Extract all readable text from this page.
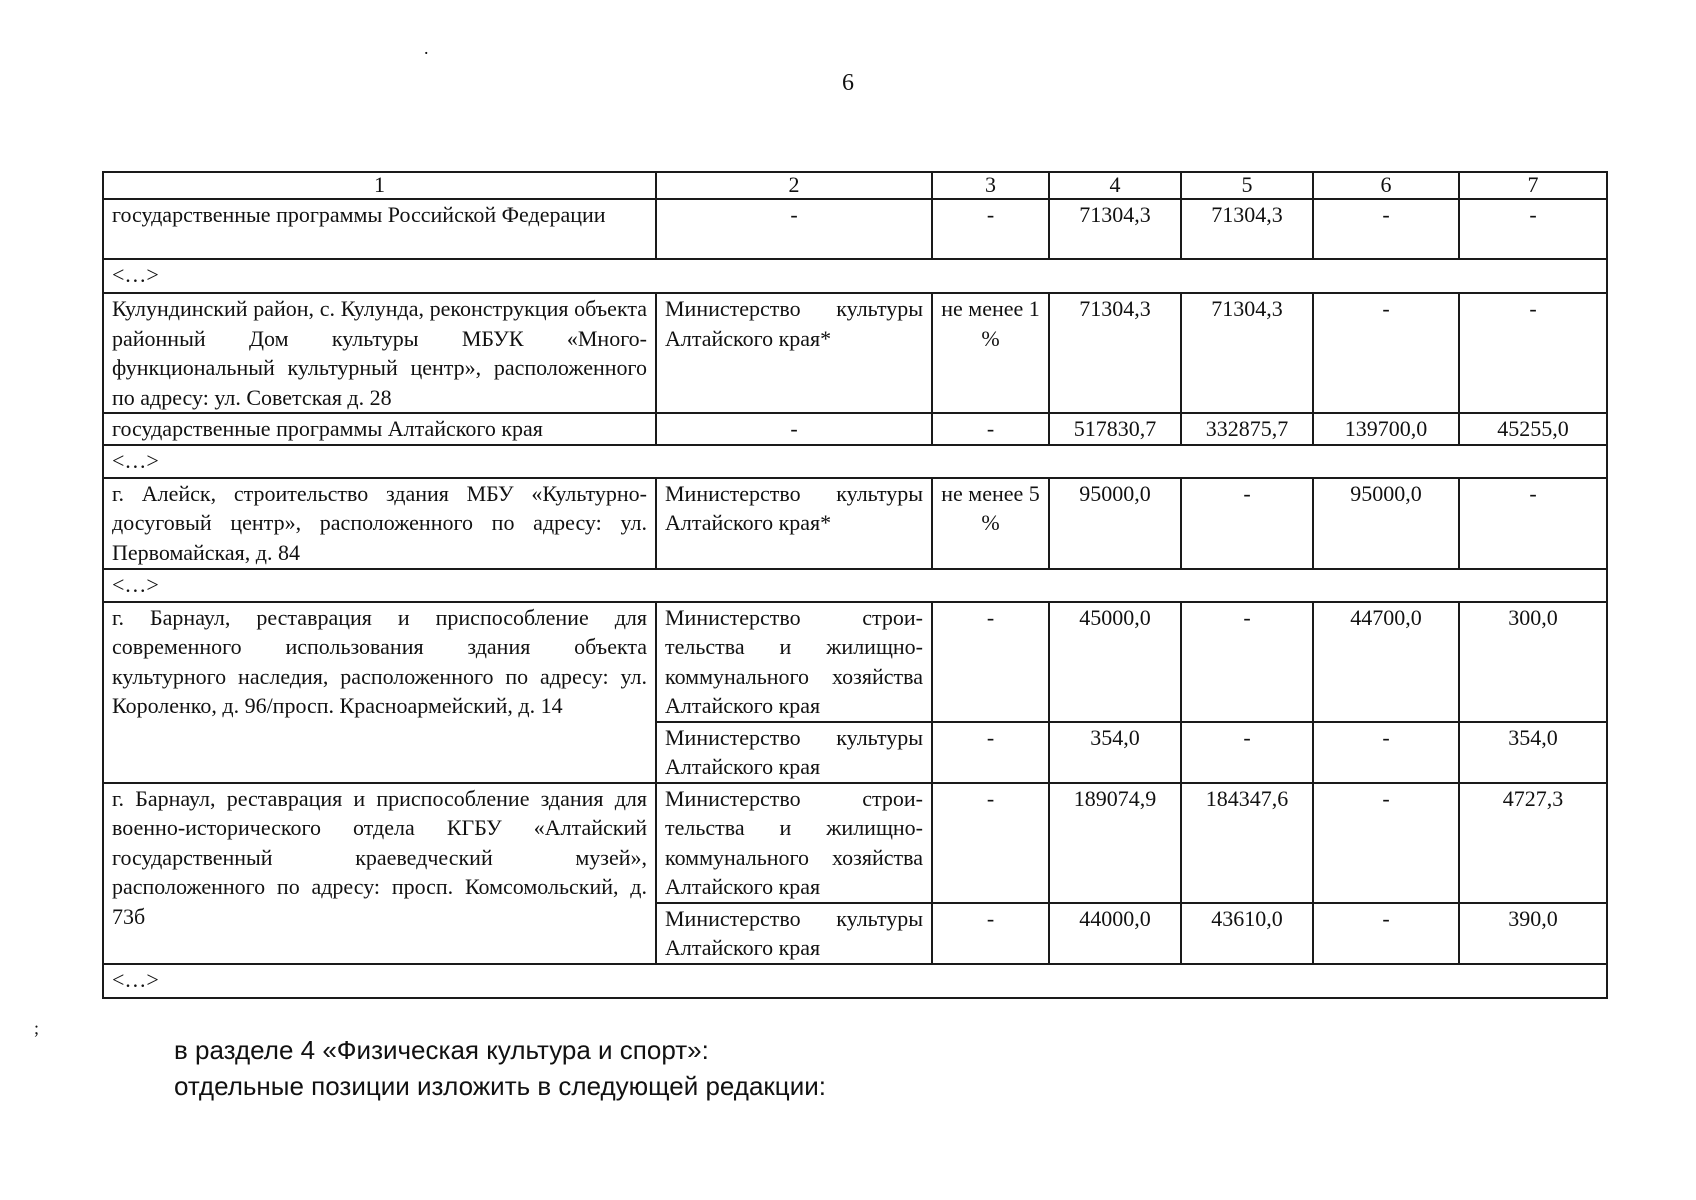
6
.
;
1	2	3	4	5	6	7
государственные программы Российской Федерации	-	-	71304,3	71304,3	-	-
<…>						
Кулундинский район, с. Кулунда, реконструкция объекта районный Дом культуры МБУК «Многофункциональный культурный центр», расположенного по адресу: ул. Советская д. 28	Министерство культуры Алтайского края*	не менее 1 %	71304,3	71304,3	-	-
государственные программы Алтайского края	-	-	517830,7	332875,7	139700,0	45255,0
<…>						
г. Алейск, строительство здания МБУ «Культурно-досуговый центр», расположенного по адресу: ул. Первомайская, д. 84	Министерство культуры Алтайского края*	не менее 5 %	95000,0	-	95000,0	-
<…>						
г. Барнаул, реставрация и приспособление для современного использования здания объекта культурного наследия, расположенного по адресу: ул. Короленко, д. 96/просп. Красноармейский, д. 14	Министерство строительства и жилищно-коммунального хозяйства Алтайского края	-	45000,0	-	44700,0	300,0
	Министерство культуры Алтайского края	-	354,0	-	-	354,0
г. Барнаул, реставрация и приспособление здания для военно-исторического отдела КГБУ «Алтайский государственный краеведческий музей», расположенного по адресу: просп. Комсомольский, д. 73б	Министерство строительства и жилищно-коммунального хозяйства Алтайского края	-	189074,9	184347,6	-	4727,3
	Министерство культуры Алтайского края	-	44000,0	43610,0	-	390,0
<…>						
в разделе 4 «Физическая культура и спорт»:
отдельные позиции изложить в следующей редакции:
